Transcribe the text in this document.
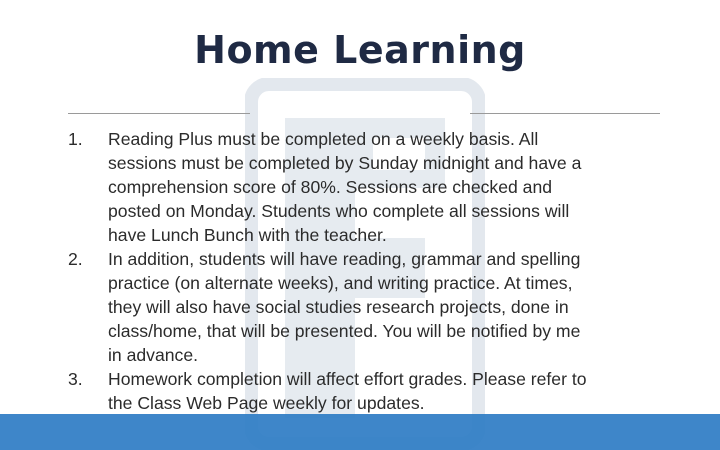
Home Learning
1.	Reading Plus must be completed on a weekly basis. All sessions must be completed by Sunday midnight and have a comprehension score of 80%. Sessions are checked and posted on Monday. Students who complete all sessions will have Lunch Bunch with the teacher.
2.	In addition, students will have reading, grammar and spelling practice (on alternate weeks), and writing practice. At times, they will also have social studies research projects, done in class/home, that will be presented. You will be notified by me in advance.
3.	Homework completion will affect effort grades. Please refer to the Class Web Page weekly for updates.
